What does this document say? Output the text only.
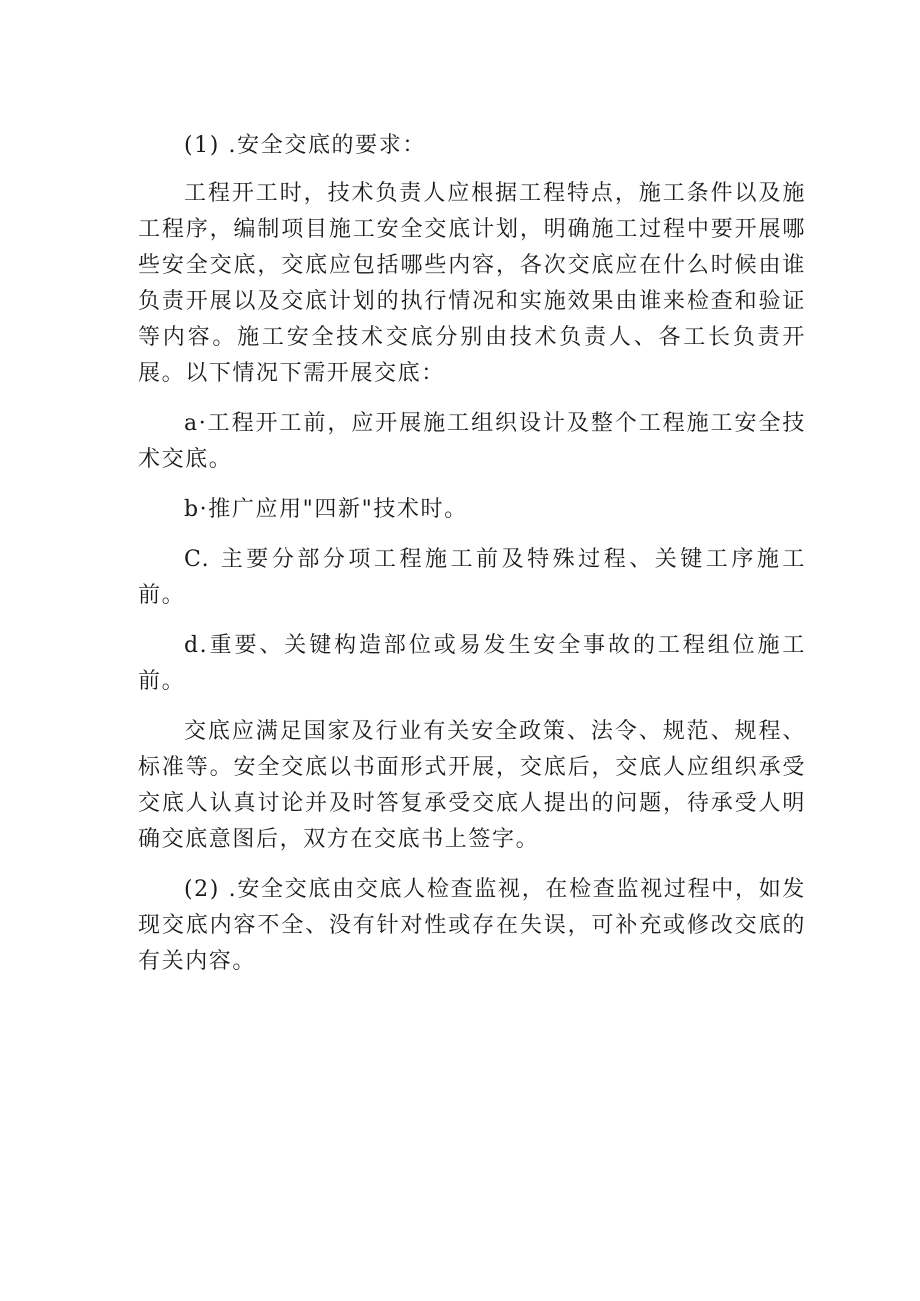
(1) .安全交底的要求：

工程开工时，技术负责人应根据工程特点，施工条件以及施工程序，编制项目施工安全交底计划，明确施工过程中要开展哪些安全交底，交底应包括哪些内容，各次交底应在什么时候由谁负责开展以及交底计划的执行情况和实施效果由谁来检查和验证等内容。施工安全技术交底分别由技术负责人、各工长负责开展。以下情况下需开展交底：

a·工程开工前，应开展施工组织设计及整个工程施工安全技术交底。

b·推广应用"四新"技术时。

C. 主要分部分项工程施工前及特殊过程、关键工序施工前。

d.重要、关键构造部位或易发生安全事故的工程组位施工前。

交底应满足国家及行业有关安全政策、法令、规范、规程、标准等。安全交底以书面形式开展，交底后，交底人应组织承受交底人认真讨论并及时答复承受交底人提出的问题，待承受人明确交底意图后，双方在交底书上签字。

(2) .安全交底由交底人检查监视，在检查监视过程中，如发现交底内容不全、没有针对性或存在失误，可补充或修改交底的有关内容。
